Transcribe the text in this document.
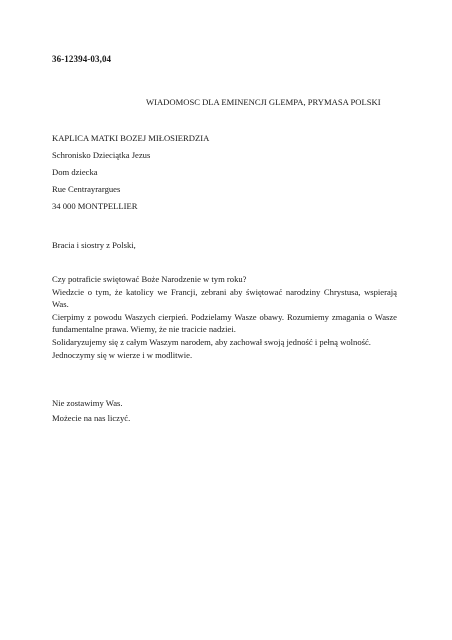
36-12394-03,04
WIADOMOSC DLA EMINENCJI GLEMPA, PRYMASA POLSKI
KAPLICA MATKI BOZEJ MIŁOSIERDZIA
Schronisko Dzieciątka Jezus
Dom dziecka
Rue Centrayrargues
34 000 MONTPELLIER
Bracia i siostry z Polski,

Czy potraficie swiętować Boże Narodzenie w tym roku?

Wiedzcie o tym, że katolicy we Francji, zebrani aby świętować narodziny Chrystusa, wspierają Was.

Cierpimy z powodu Waszych cierpień. Podzielamy Wasze obawy. Rozumiemy zmagania o Wasze fundamentalne prawa. Wiemy, że nie tracicie nadziei.

Solidaryzujemy się z całym Waszym narodem, aby zachował swoją jedność i pełną wolność.

Jednoczymy się w wierze i w modlitwie.

Nie zostawimy Was.
Możecie na nas liczyć.
